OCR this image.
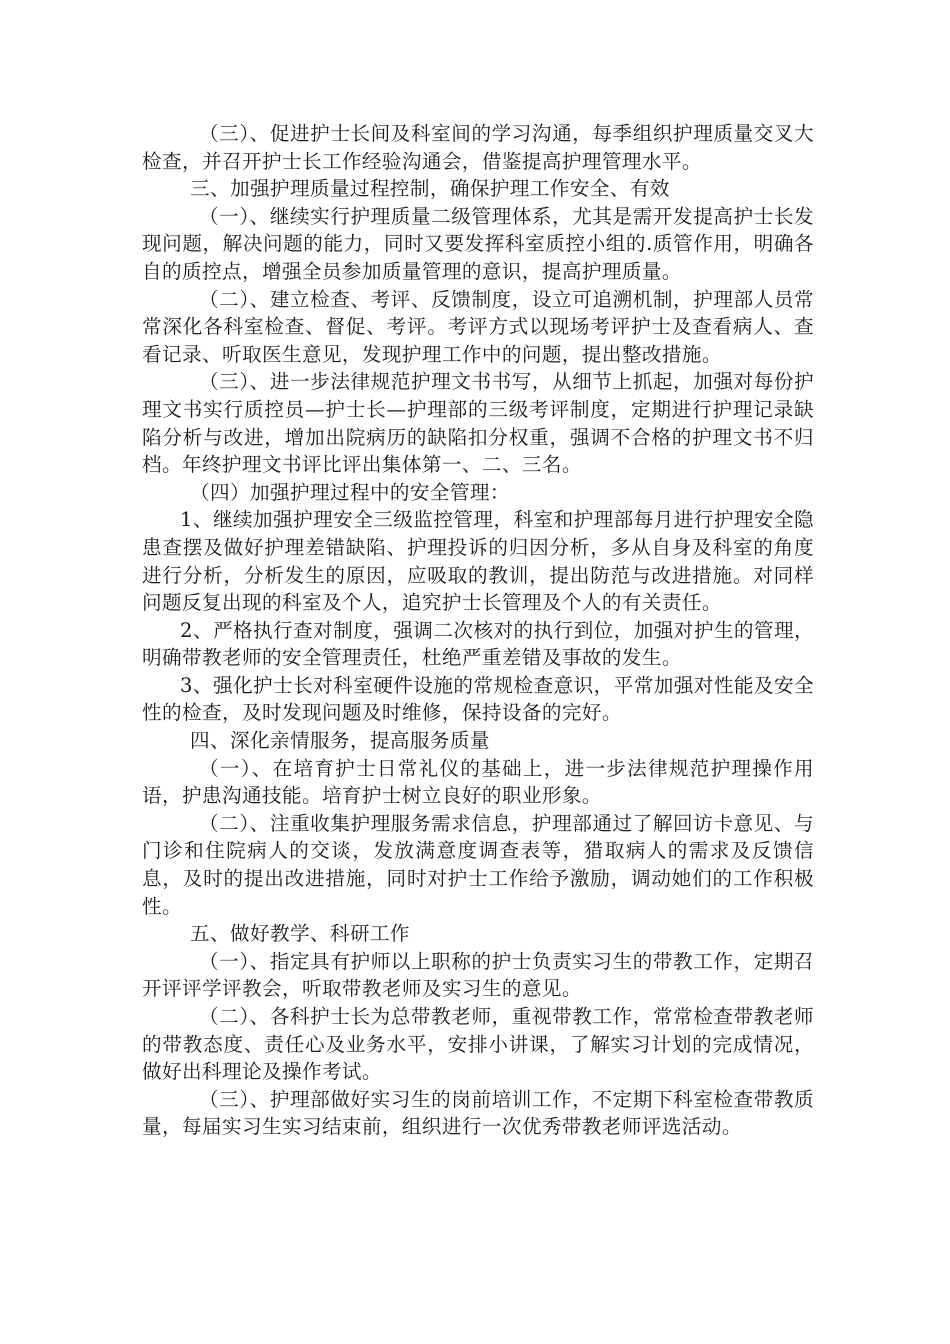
（三）、促进护士长间及科室间的学习沟通，每季组织护理质量交叉大检查，并召开护士长工作经验沟通会，借鉴提高护理管理水平。

三、加强护理质量过程控制，确保护理工作安全、有效

（一）、继续实行护理质量二级管理体系，尤其是需开发提高护士长发现问题，解决问题的能力，同时又要发挥科室质控小组的.质管作用，明确各自的质控点，增强全员参加质量管理的意识，提高护理质量。

（二）、建立检查、考评、反馈制度，设立可追溯机制，护理部人员常常深化各科室检查、督促、考评。考评方式以现场考评护士及查看病人、查看记录、听取医生意见，发现护理工作中的问题，提出整改措施。

（三）、进一步法律规范护理文书书写，从细节上抓起，加强对每份护理文书实行质控员—护士长—护理部的三级考评制度，定期进行护理记录缺陷分析与改进，增加出院病历的缺陷扣分权重，强调不合格的护理文书不归档。年终护理文书评比评出集体第一、二、三名。

（四）加强护理过程中的安全管理：

1、继续加强护理安全三级监控管理，科室和护理部每月进行护理安全隐患查摆及做好护理差错缺陷、护理投诉的归因分析，多从自身及科室的角度进行分析，分析发生的原因，应吸取的教训，提出防范与改进措施。对同样问题反复出现的科室及个人，追究护士长管理及个人的有关责任。

2、严格执行查对制度，强调二次核对的执行到位，加强对护生的管理，明确带教老师的安全管理责任，杜绝严重差错及事故的发生。

3、强化护士长对科室硬件设施的常规检查意识，平常加强对性能及安全性的检查，及时发现问题及时维修，保持设备的完好。

四、深化亲情服务，提高服务质量

（一）、在培育护士日常礼仪的基础上，进一步法律规范护理操作用语，护患沟通技能。培育护士树立良好的职业形象。

（二）、注重收集护理服务需求信息，护理部通过了解回访卡意见、与门诊和住院病人的交谈，发放满意度调查表等，猎取病人的需求及反馈信息，及时的提出改进措施，同时对护士工作给予激励，调动她们的工作积极性。

五、做好教学、科研工作

（一）、指定具有护师以上职称的护士负责实习生的带教工作，定期召开评评学评教会，听取带教老师及实习生的意见。

（二）、各科护士长为总带教老师，重视带教工作，常常检查带教老师的带教态度、责任心及业务水平，安排小讲课，了解实习计划的完成情况，做好出科理论及操作考试。

（三）、护理部做好实习生的岗前培训工作，不定期下科室检查带教质量，每届实习生实习结束前，组织进行一次优秀带教老师评选活动。
